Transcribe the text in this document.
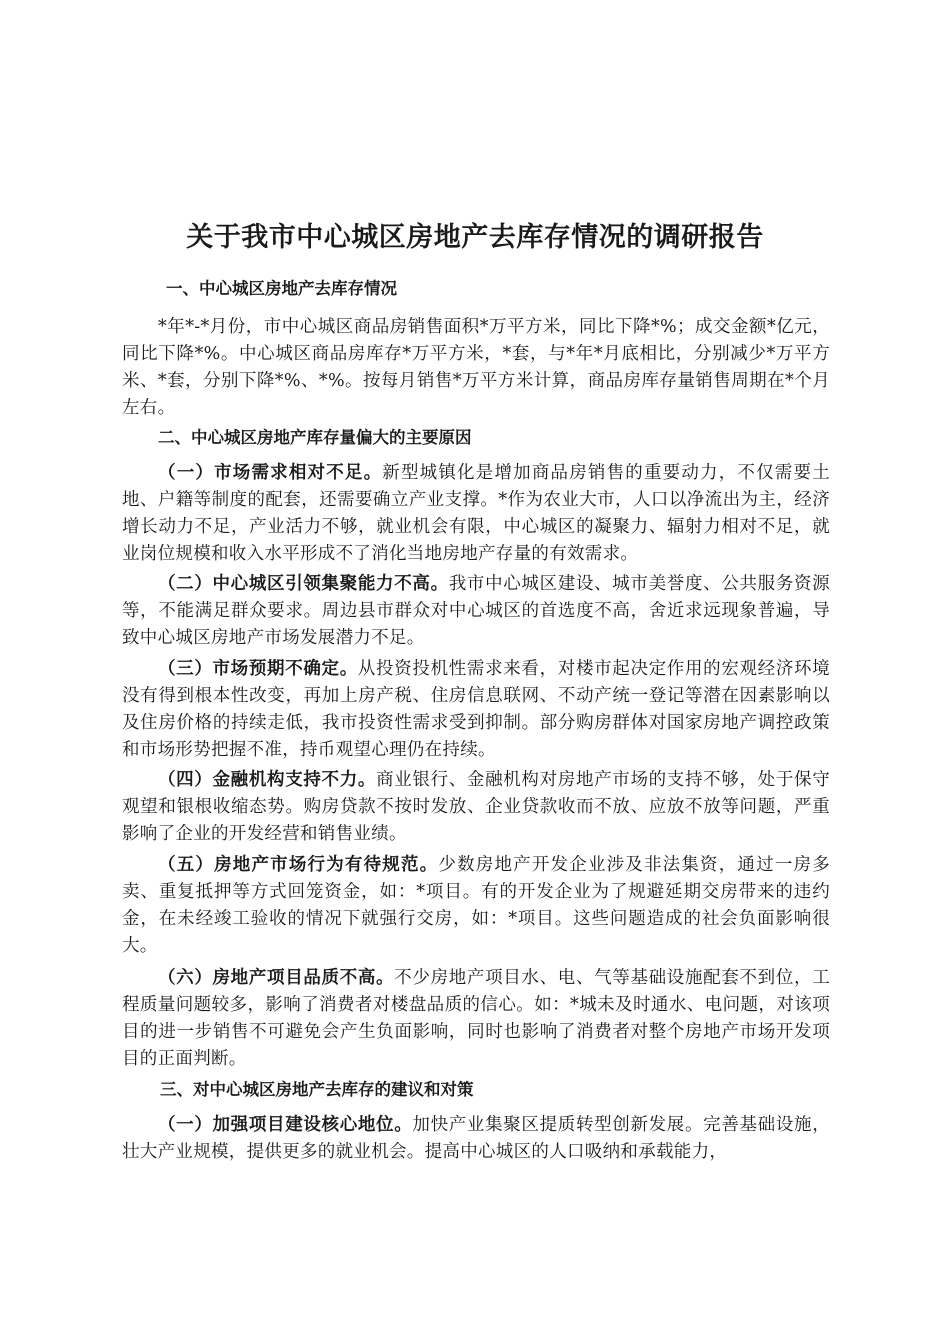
关于我市中心城区房地产去库存情况的调研报告
一、中心城区房地产去库存情况

*年*-*月份，市中心城区商品房销售面积*万平方米，同比下降*%；成交金额*亿元，同比下降*%。中心城区商品房库存*万平方米，*套，与*年*月底相比，分别减少*万平方米、*套，分别下降*%、*%。按每月销售*万平方米计算，商品房库存量销售周期在*个月左右。

二、中心城区房地产库存量偏大的主要原因

（一）市场需求相对不足。新型城镇化是增加商品房销售的重要动力，不仅需要土地、户籍等制度的配套，还需要确立产业支撑。*作为农业大市，人口以净流出为主，经济增长动力不足，产业活力不够，就业机会有限，中心城区的凝聚力、辐射力相对不足，就业岗位规模和收入水平形成不了消化当地房地产存量的有效需求。

（二）中心城区引领集聚能力不高。我市中心城区建设、城市美誉度、公共服务资源等，不能满足群众要求。周边县市群众对中心城区的首选度不高，舍近求远现象普遍，导致中心城区房地产市场发展潜力不足。

（三）市场预期不确定。从投资投机性需求来看，对楼市起决定作用的宏观经济环境没有得到根本性改变，再加上房产税、住房信息联网、不动产统一登记等潜在因素影响以及住房价格的持续走低，我市投资性需求受到抑制。部分购房群体对国家房地产调控政策和市场形势把握不准，持币观望心理仍在持续。

（四）金融机构支持不力。商业银行、金融机构对房地产市场的支持不够，处于保守观望和银根收缩态势。购房贷款不按时发放、企业贷款收而不放、应放不放等问题，严重影响了企业的开发经营和销售业绩。

（五）房地产市场行为有待规范。少数房地产开发企业涉及非法集资，通过一房多卖、重复抵押等方式回笼资金，如：*项目。有的开发企业为了规避延期交房带来的违约金，在未经竣工验收的情况下就强行交房，如：*项目。这些问题造成的社会负面影响很大。

（六）房地产项目品质不高。不少房地产项目水、电、气等基础设施配套不到位，工程质量问题较多，影响了消费者对楼盘品质的信心。如：*城未及时通水、电问题，对该项目的进一步销售不可避免会产生负面影响，同时也影响了消费者对整个房地产市场开发项目的正面判断。

三、对中心城区房地产去库存的建议和对策

（一）加强项目建设核心地位。加快产业集聚区提质转型创新发展。完善基础设施，壮大产业规模，提供更多的就业机会。提高中心城区的人口吸纳和承载能力，
